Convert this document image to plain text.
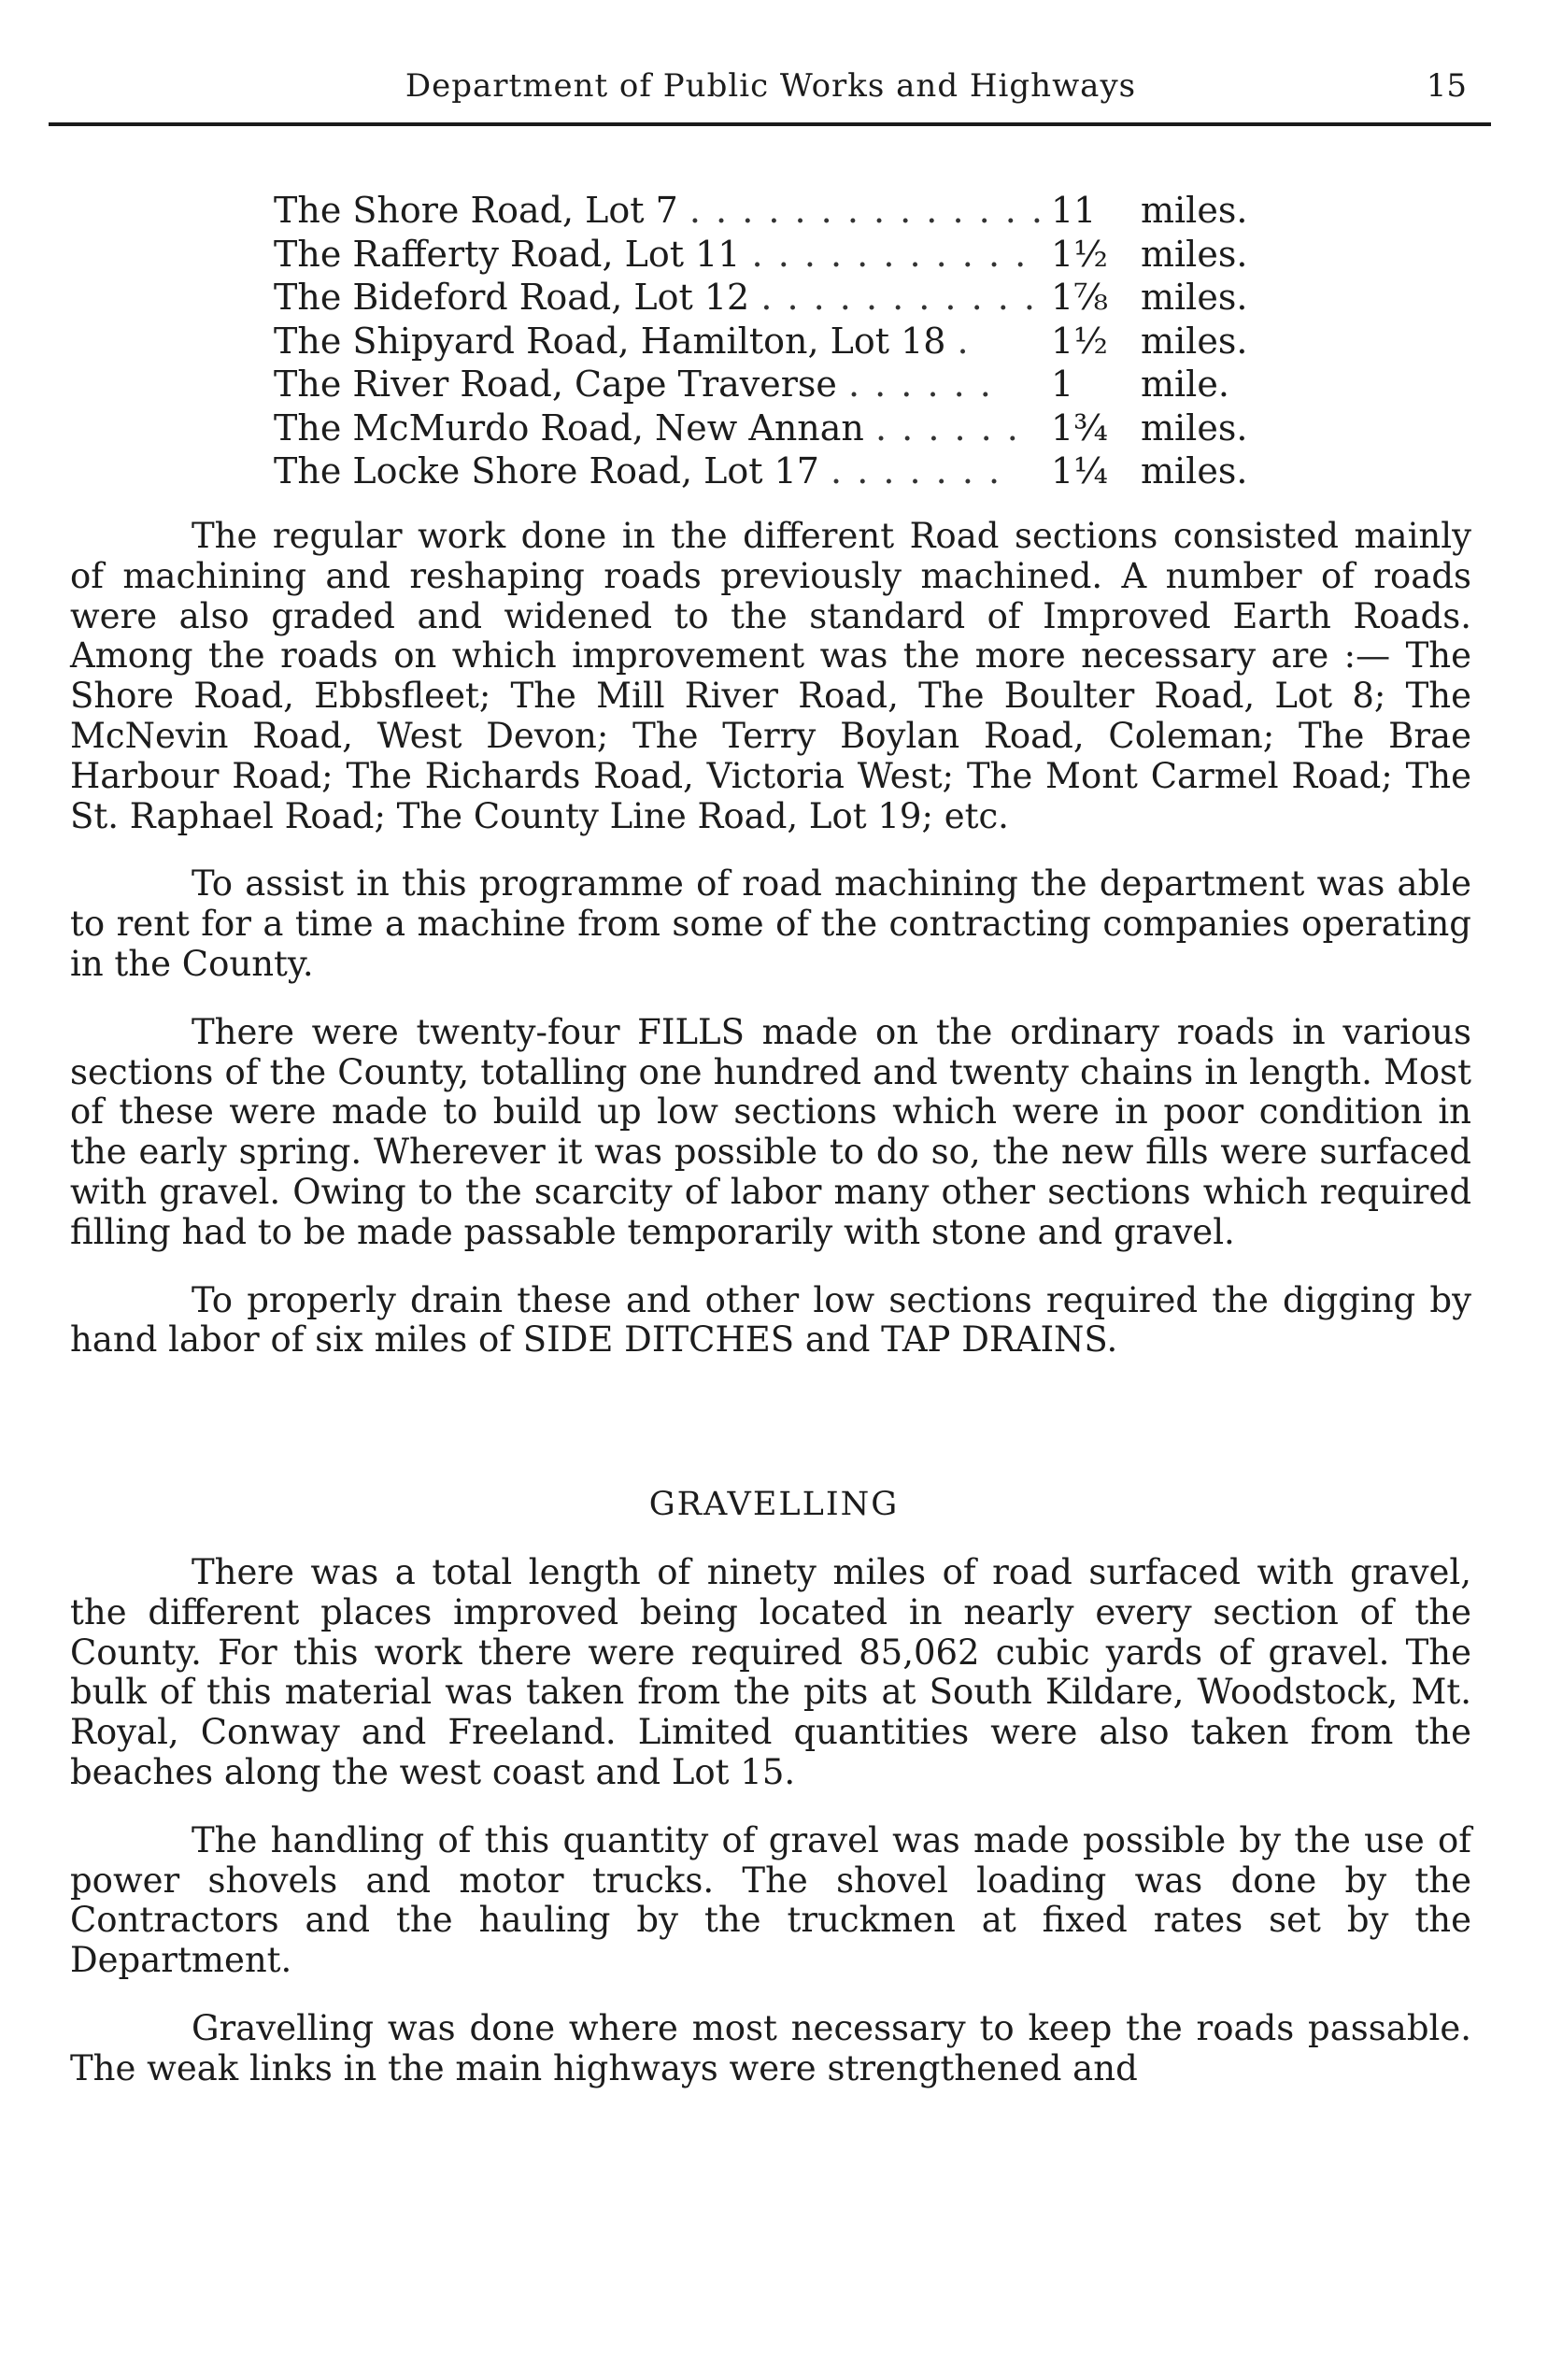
Department of Public Works and Highways	15
The Shore Road, Lot 7 . . . . . . . . . . . . . . 11	miles.
The Rafferty Road, Lot 11 . . . . . . . . . . . 1½ miles.
The Bideford Road, Lot 12 . . . . . . . . . . . 1⅞ miles.
The Shipyard Road, Hamilton, Lot 18 . 1½ miles.
The River Road, Cape Traverse . . . . . . 1	mile.
The McMurdo Road, New Annan . . . . . . 1¾ miles.
The Locke Shore Road, Lot 17 . . . . . . . 1¼ miles.

The regular work done in the different Road sections consisted mainly of machining and reshaping roads previously machined. A number of roads were also graded and widened to the standard of Improved Earth Roads. Among the roads on which improvement was the more necessary are :— The Shore Road, Ebbsfleet; The Mill River Road, The Boulter Road, Lot 8; The McNevin Road, West Devon; The Terry Boylan Road, Coleman; The Brae Harbour Road; The Richards Road, Victoria West; The Mont Carmel Road; The St. Raphael Road; The County Line Road, Lot 19; etc.

To assist in this programme of road machining the department was able to rent for a time a machine from some of the contracting companies operating in the County.

There were twenty-four FILLS made on the ordinary roads in various sections of the County, totalling one hundred and twenty chains in length. Most of these were made to build up low sections which were in poor condition in the early spring. Wherever it was possible to do so, the new fills were surfaced with gravel. Owing to the scarcity of labor many other sections which required filling had to be made passable temporarily with stone and gravel.

To properly drain these and other low sections required the digging by hand labor of six miles of SIDE DITCHES and TAP DRAINS.

GRAVELLING

There was a total length of ninety miles of road surfaced with gravel, the different places improved being located in nearly every section of the County. For this work there were required 85,062 cubic yards of gravel. The bulk of this material was taken from the pits at South Kildare, Woodstock, Mt. Royal, Conway and Freeland. Limited quantities were also taken from the beaches along the west coast and Lot 15.

The handling of this quantity of gravel was made possible by the use of power shovels and motor trucks. The shovel loading was done by the Contractors and the hauling by the truckmen at fixed rates set by the Department.

Gravelling was done where most necessary to keep the roads passable. The weak links in the main highways were strengthened and
